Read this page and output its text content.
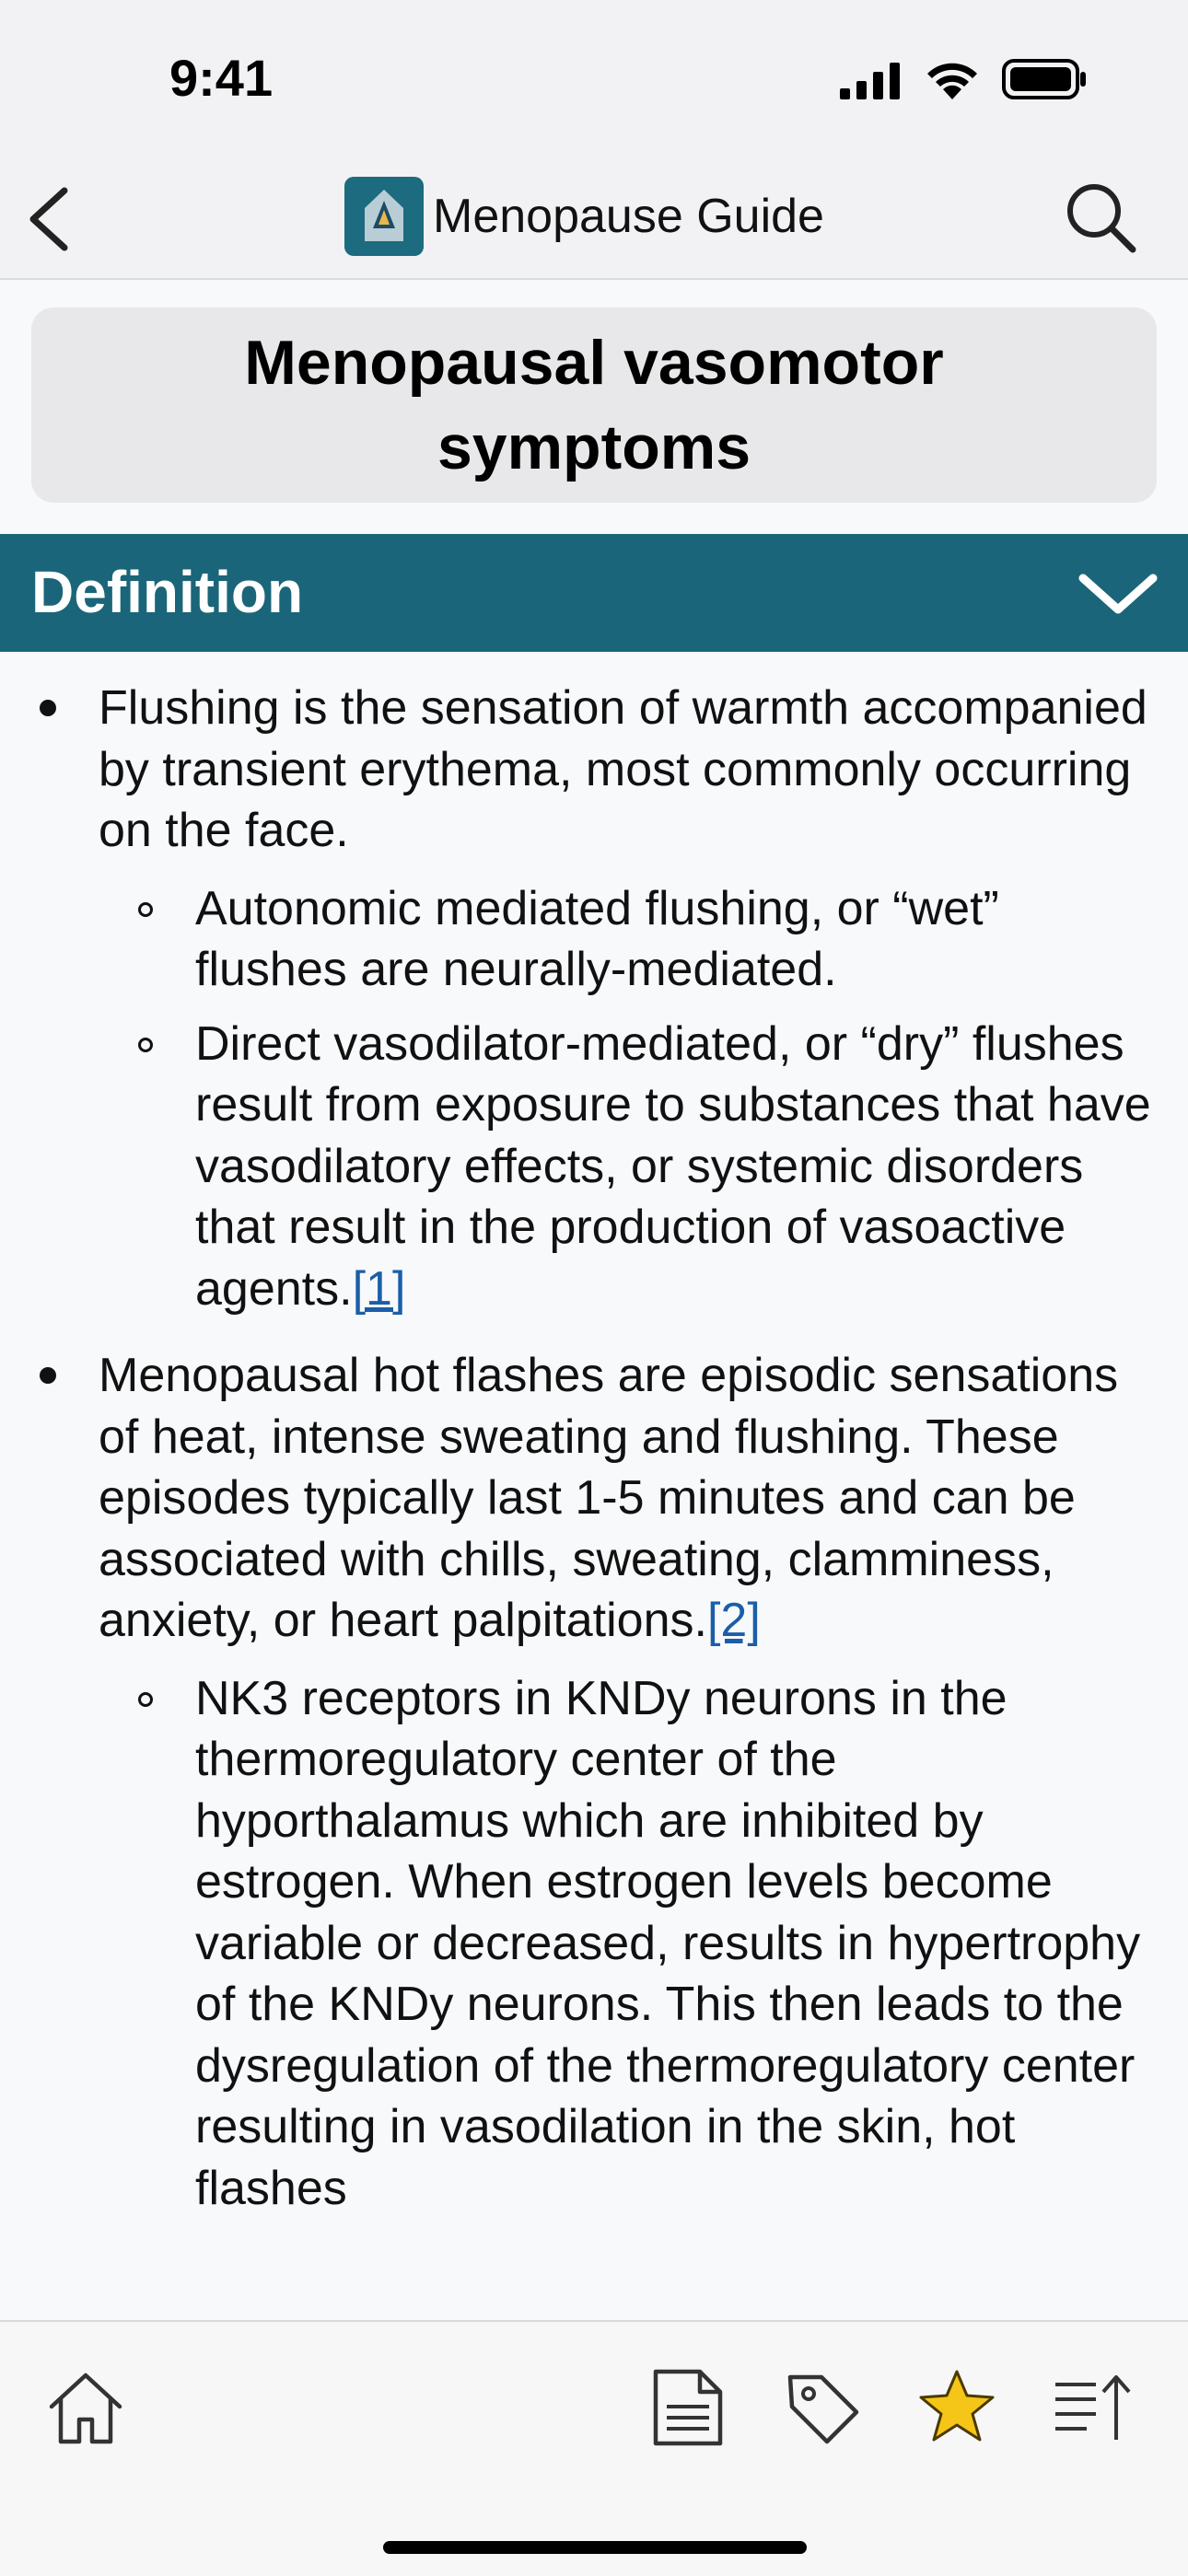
9:41
Menopause Guide
Menopausal vasomotor symptoms
Definition
Flushing is the sensation of warmth accompanied by transient erythema, most commonly occurring on the face.
Autonomic mediated flushing, or “wet” flushes are neurally-mediated.
Direct vasodilator-mediated, or “dry” flushes result from exposure to substances that have vasodilatory effects, or systemic disorders that result in the production of vasoactive agents.[1]
Menopausal hot flashes are episodic sensations of heat, intense sweating and flushing. These episodes typically last 1-5 minutes and can be associated with chills, sweating, clamminess, anxiety, or heart palpitations.[2]
NK3 receptors in KNDy neurons in the thermoregulatory center of the hyporthalamus which are inhibited by estrogen. When estrogen levels become variable or decreased, results in hypertrophy of the KNDy neurons. This then leads to the dysregulation of the thermoregulatory center resulting in vasodilation in the skin, hot flashes
